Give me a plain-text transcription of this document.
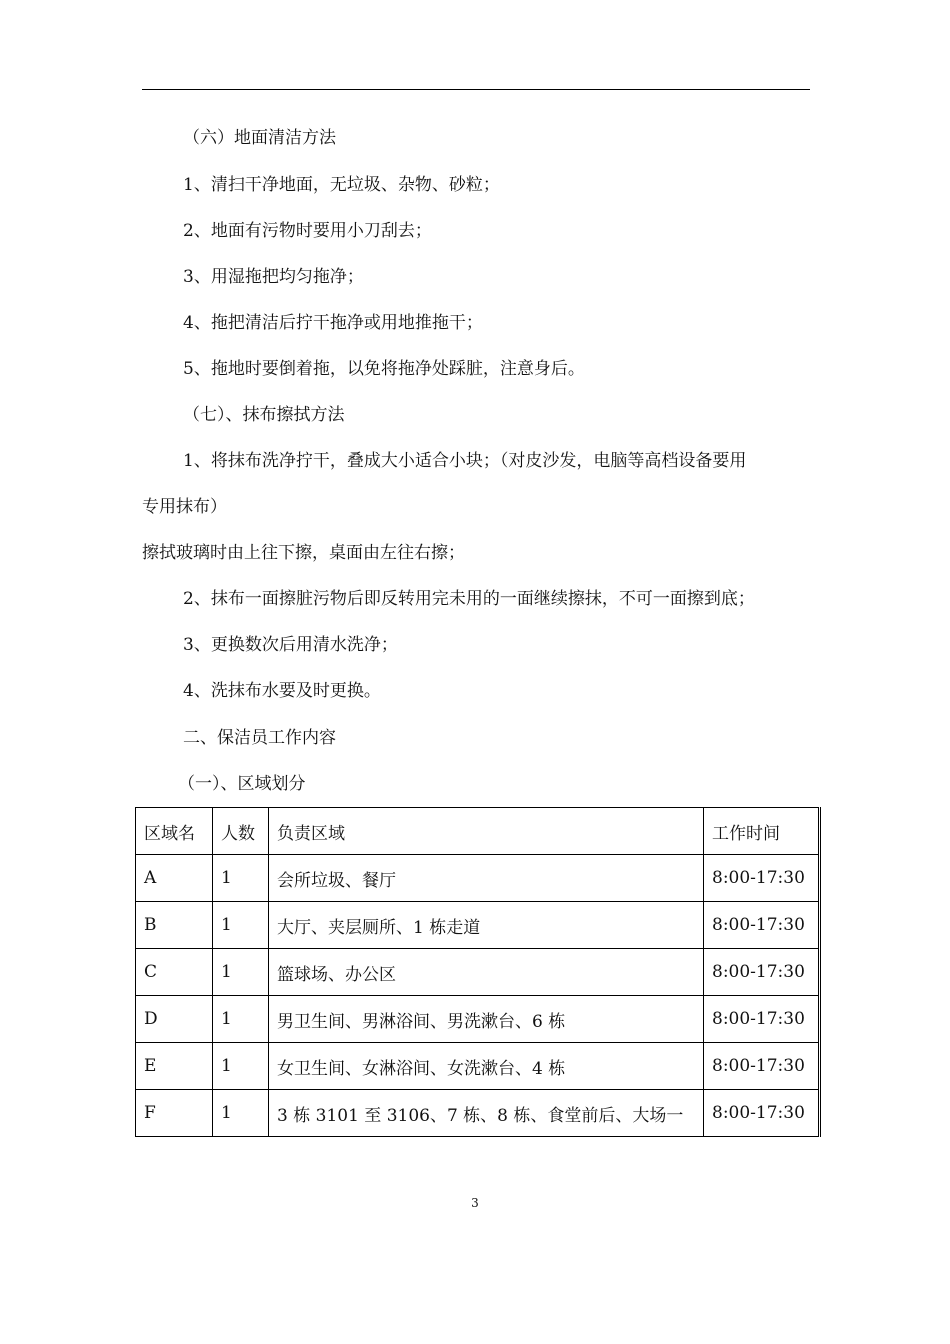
（六）地面清洁方法
1、清扫干净地面，无垃圾、杂物、砂粒；
2、地面有污物时要用小刀刮去；
3、用湿拖把均匀拖净；
4、拖把清洁后拧干拖净或用地推拖干；
5、拖地时要倒着拖，以免将拖净处踩脏，注意身后。
（七）、抹布擦拭方法
1、将抹布洗净拧干，叠成大小适合小块；（对皮沙发，电脑等高档设备要用
专用抹布）
擦拭玻璃时由上往下擦，桌面由左往右擦；
2、抹布一面擦脏污物后即反转用完未用的一面继续擦抹，不可一面擦到底；
3、更换数次后用清水洗净；
4、洗抹布水要及时更换。
二、保洁员工作内容
（一）、区域划分
区域名	人数	负责区域	工作时间
A	1	会所垃圾、餐厅	8:00-17:30
B	1	大厅、夹层厕所、1 栋走道	8:00-17:30
C	1	篮球场、办公区	8:00-17:30
D	1	男卫生间、男淋浴间、男洗漱台、6 栋	8:00-17:30
E	1	女卫生间、女淋浴间、女洗漱台、4 栋	8:00-17:30
F	1	3 栋 3101 至 3106、7 栋、8 栋、食堂前后、大场一	8:00-17:30
3
